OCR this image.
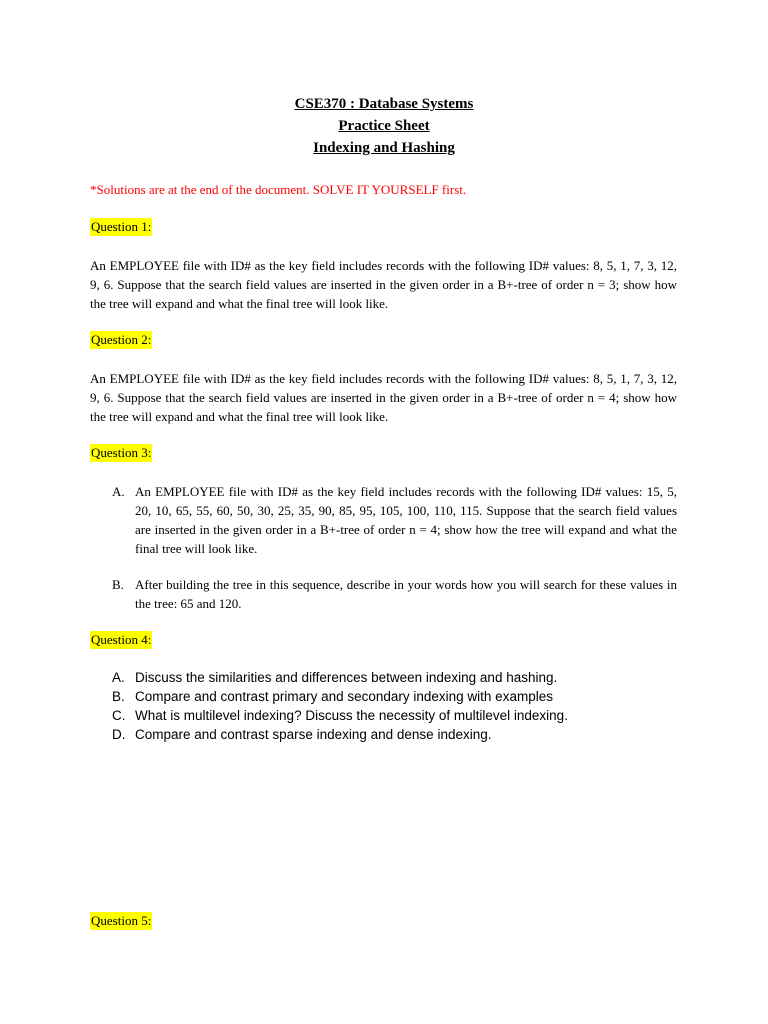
CSE370 : Database Systems
Practice Sheet
Indexing and Hashing
*Solutions are at the end of the document. SOLVE IT YOURSELF first.
Question 1:
An EMPLOYEE file with ID# as the key field includes records with the following ID# values: 8, 5, 1, 7, 3, 12, 9, 6. Suppose that the search field values are inserted in the given order in a B+-tree of order n = 3; show how the tree will expand and what the final tree will look like.
Question 2:
An EMPLOYEE file with ID# as the key field includes records with the following ID# values: 8, 5, 1, 7, 3, 12, 9, 6. Suppose that the search field values are inserted in the given order in a B+-tree of order n = 4; show how the tree will expand and what the final tree will look like.
Question 3:
A. An EMPLOYEE file with ID# as the key field includes records with the following ID# values: 15, 5, 20, 10, 65, 55, 60, 50, 30, 25, 35, 90, 85, 95, 105, 100, 110, 115. Suppose that the search field values are inserted in the given order in a B+-tree of order n = 4; show how the tree will expand and what the final tree will look like.
B. After building the tree in this sequence, describe in your words how you will search for these values in the tree: 65 and 120.
Question 4:
A. Discuss the similarities and differences between indexing and hashing.
B. Compare and contrast primary and secondary indexing with examples
C. What is multilevel indexing? Discuss the necessity of multilevel indexing.
D. Compare and contrast sparse indexing and dense indexing.
Question 5:
